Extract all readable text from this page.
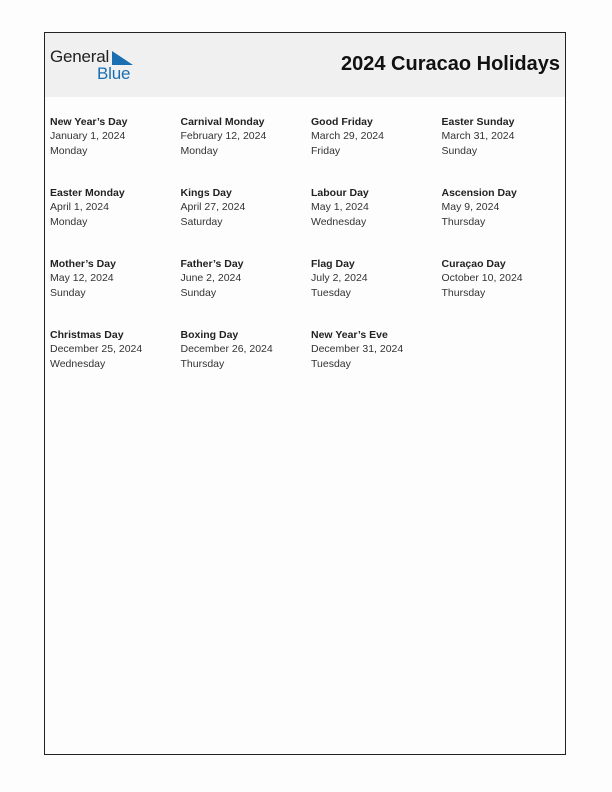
General
Blue	2024 Curacao Holidays
New Year’s Day
January 1, 2024
Monday
Carnival Monday
February 12, 2024
Monday
Good Friday
March 29, 2024
Friday
Easter Sunday
March 31, 2024
Sunday
Easter Monday
April 1, 2024
Monday
Kings Day
April 27, 2024
Saturday
Labour Day
May 1, 2024
Wednesday
Ascension Day
May 9, 2024
Thursday
Mother’s Day
May 12, 2024
Sunday
Father’s Day
June 2, 2024
Sunday
Flag Day
July 2, 2024
Tuesday
Curaçao Day
October 10, 2024
Thursday
Christmas Day
December 25, 2024
Wednesday
Boxing Day
December 26, 2024
Thursday
New Year’s Eve
December 31, 2024
Tuesday
